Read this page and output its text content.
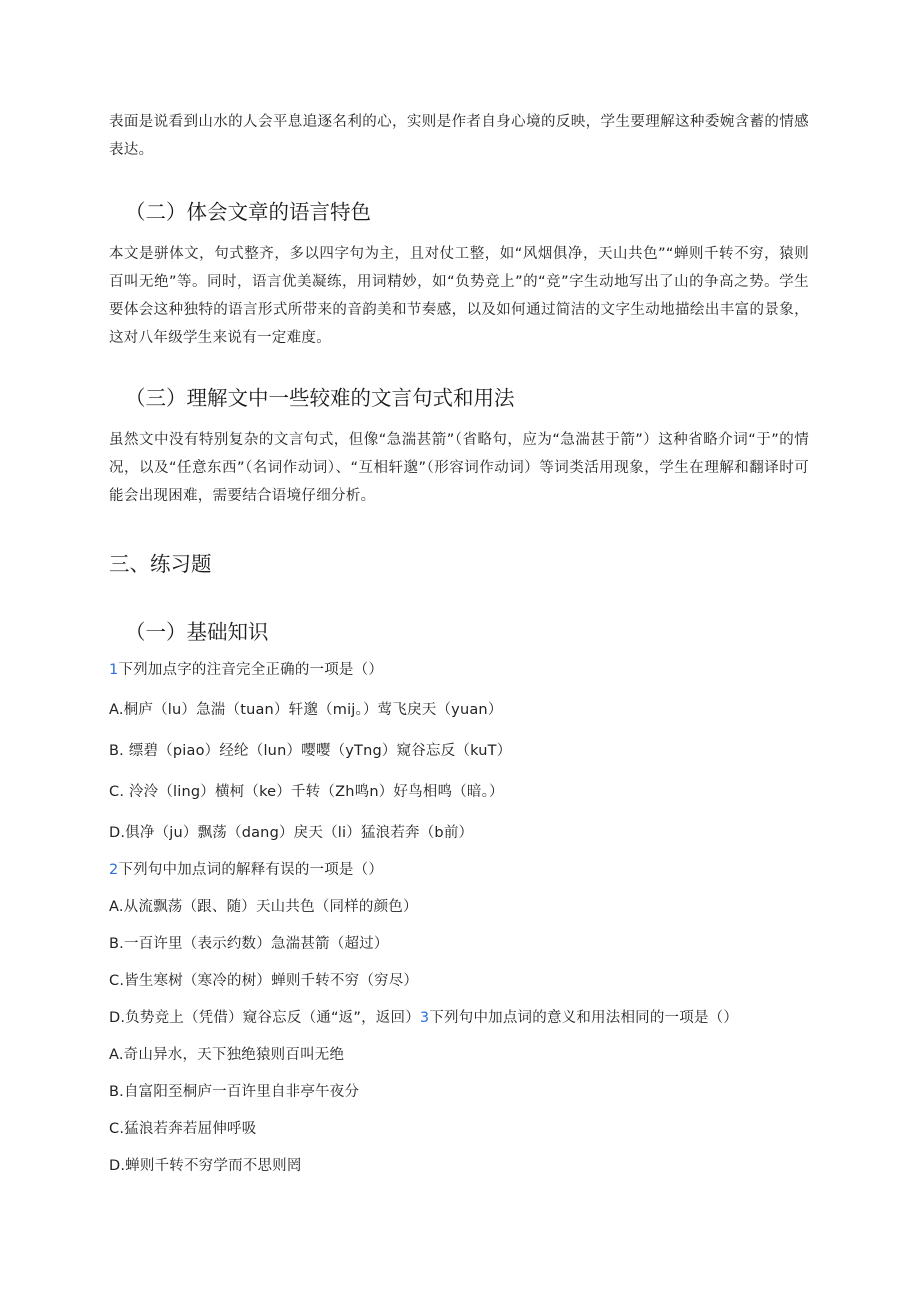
表面是说看到山水的人会平息追逐名利的心，实则是作者自身心境的反映，学生要理解这种委婉含蓄的情感表达。

（二）体会文章的语言特色

本文是骈体文，句式整齐，多以四字句为主，且对仗工整，如“风烟俱净，天山共色”“蝉则千转不穷，猿则百叫无绝”等。同时，语言优美凝练，用词精妙，如“负势竞上”的“竞”字生动地写出了山的争高之势。学生要体会这种独特的语言形式所带来的音韵美和节奏感，以及如何通过简洁的文字生动地描绘出丰富的景象，这对八年级学生来说有一定难度。

（三）理解文中一些较难的文言句式和用法

虽然文中没有特别复杂的文言句式，但像“急湍甚箭”（省略句，应为“急湍甚于箭”）这种省略介词“于”的情况，以及“任意东西”（名词作动词）、“互相轩邈”（形容词作动词）等词类活用现象，学生在理解和翻译时可能会出现困难，需要结合语境仔细分析。

三、练习题
（一）基础知识

1下列加点字的注音完全正确的一项是（）

A.桐庐（lu）急湍（tuan）轩邈（mij。）莺飞戾天（yuan）

B. 缥碧（piao）经纶（lun）嘤嘤（yTng）窥谷忘反（kuT）

C. 泠泠（ling）横柯（ke）千转（Zh鸣n）好鸟相鸣（暗。）

D.俱净（ju）飘荡（dang）戾天（li）猛浪若奔（b前）

2下列句中加点词的解释有误的一项是（）

A.从流飘荡（跟、随）天山共色（同样的颜色）

B.一百许里（表示约数）急湍甚箭（超过）

C.皆生寒树（寒冷的树）蝉则千转不穷（穷尽）

D.负势竞上（凭借）窥谷忘反（通“返”，返回）3下列句中加点词的意义和用法相同的一项是（）

A.奇山异水，天下独绝猿则百叫无绝

B.自富阳至桐庐一百许里自非亭午夜分

C.猛浪若奔若屈伸呼吸

D.蝉则千转不穷学而不思则罔
